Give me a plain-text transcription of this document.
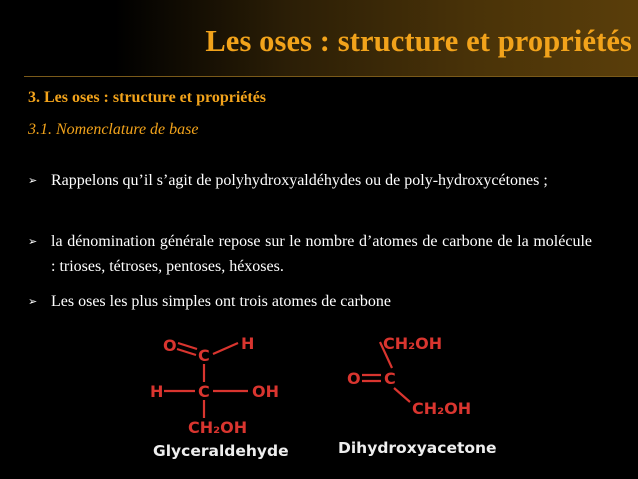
Les oses : structure et propriétés
3. Les oses : structure et propriétés
3.1. Nomenclature de base
➢ Rappelons qu’il s’agit de polyhydroxyaldéhydes ou de poly-hydroxycétones ;
➢ la dénomination générale repose sur le nombre d’atomes de carbone de la molécule : trioses, tétroses, pentoses, héxoses.
➢ Les oses les plus simples ont trois atomes de carbone
O
C
H
H C	OH
CH₂OH
Glyceraldehyde
CH₂OH
O C
CH₂OH
Dihydroxyacetone
